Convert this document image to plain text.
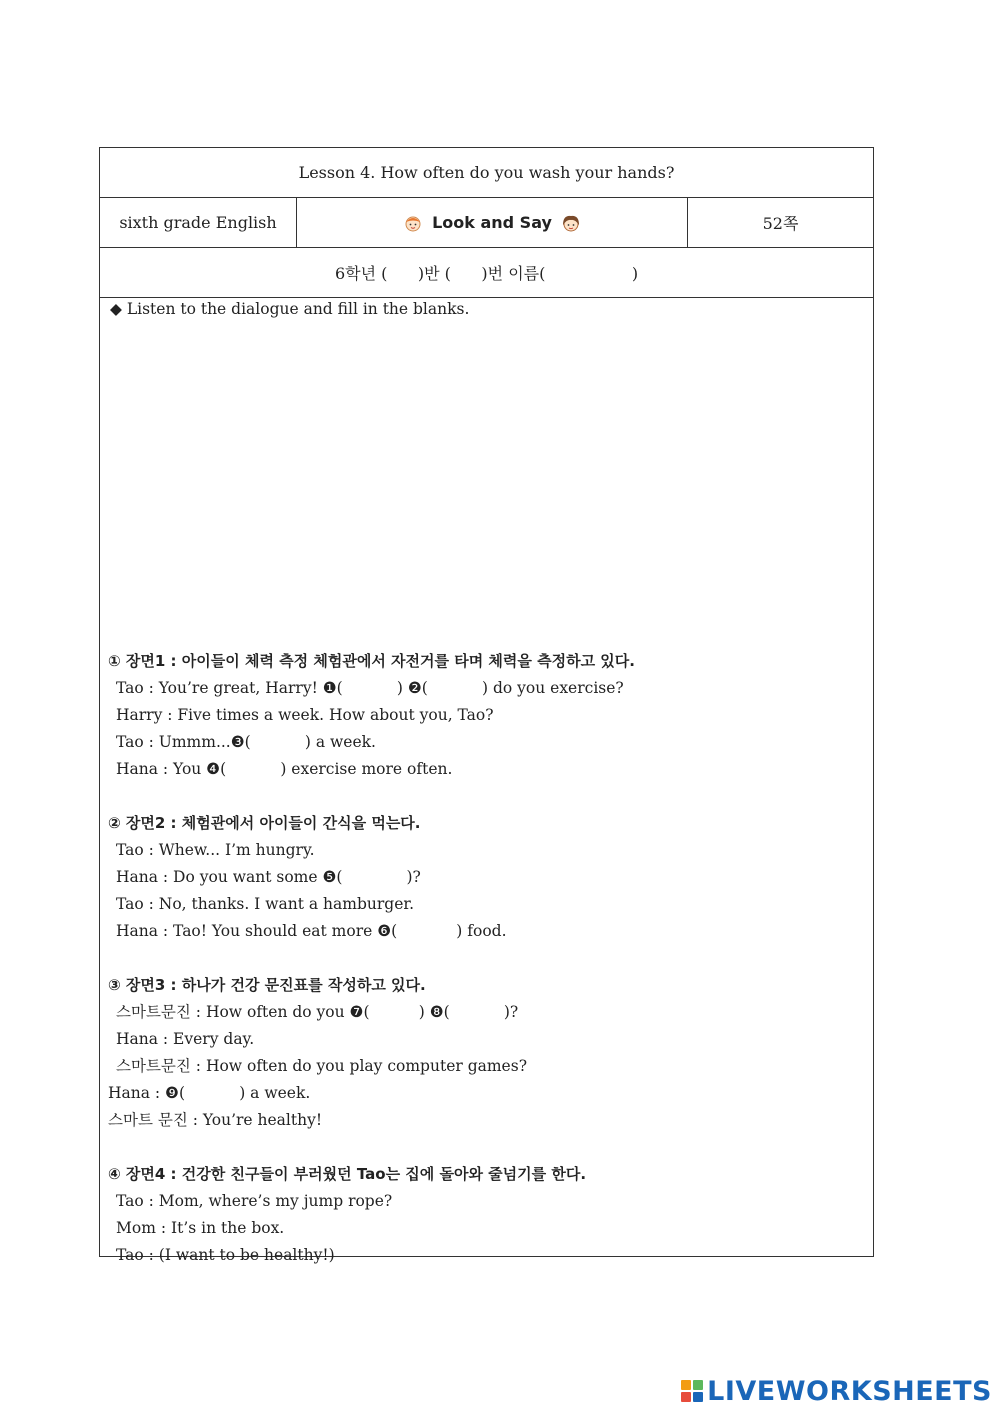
Lesson 4. How often do you wash your hands?
sixth grade English	Look and Say	52쪽
6학년 (      )반 (      )번 이름(                 )
◆ Listen to the dialogue and fill in the blanks.
① 장면1 : 아이들이 체력 측정 체험관에서 자전거를 타며 체력을 측정하고 있다.
Tao : You’re great, Harry! ❶(           ) ❷(           ) do you exercise?
Harry : Five times a week. How about you, Tao?
Tao : Ummm...❸(           ) a week.
Hana : You ❹(           ) exercise more often.
② 장면2 : 체험관에서 아이들이 간식을 먹는다.
Tao : Whew... I’m hungry.
Hana : Do you want some ❺(             )?
Tao : No, thanks. I want a hamburger.
Hana : Tao! You should eat more ❻(            ) food.
③ 장면3 : 하나가 건강 문진표를 작성하고 있다.
스마트문진 : How often do you ❼(          ) ❽(           )?
Hana : Every day.
스마트문진 : How often do you play computer games?
Hana : ❾(           ) a week.
스마트 문진 : You’re healthy!
④ 장면4 : 건강한 친구들이 부러웠던 Tao는 집에 돌아와 줄넘기를 한다.
Tao : Mom, where’s my jump rope?
Mom : It’s in the box.
Tao : (I want to be healthy!)
LIVEWORKSHEETS
